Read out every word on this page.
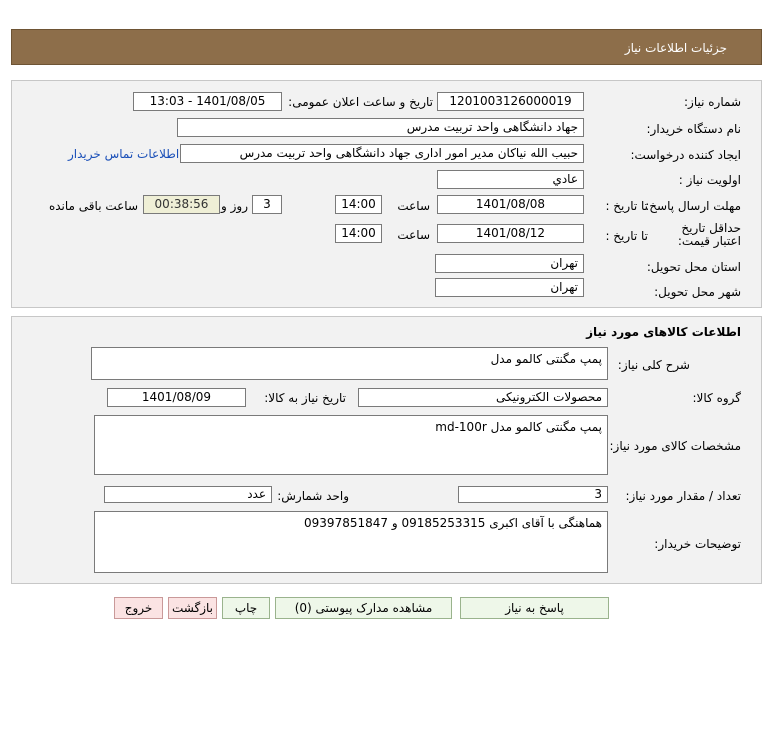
جزئیات اطلاعات نیاز
شماره نیاز:
1201003126000019
تاریخ و ساعت اعلان عمومی:
1401/08/05 - 13:03
نام دستگاه خریدار:
جهاد دانشگاهی واحد تربیت مدرس
ایجاد کننده درخواست:
حبیب الله نیاکان مدیر امور اداری جهاد دانشگاهی واحد تربیت مدرس
اطلاعات تماس خریدار
اولویت نیاز :
عادي
مهلت ارسال پاسخ:
تا تاریخ :
1401/08/08
ساعت
14:00
3
روز و
00:38:56
ساعت باقی مانده
حداقل تاریخ اعتبار قیمت:
تا تاریخ :
1401/08/12
ساعت
14:00
استان محل تحویل:
تهران
شهر محل تحویل:
تهران
اطلاعات کالاهای مورد نیاز
شرح کلی نیاز:
پمپ مگنتی کالمو مدل
گروه کالا:
محصولات الکترونیکی
تاریخ نیاز به کالا:
1401/08/09
مشخصات کالای مورد نیاز:
پمپ مگنتی کالمو مدل md-100r
تعداد / مقدار مورد نیاز:
3
واحد شمارش:
عدد
توضیحات خریدار:
هماهنگی با آقای اکبری 09185253315 و 09397851847
پاسخ به نیاز
مشاهده مدارک پیوستی (0)
چاپ
بازگشت
خروج
